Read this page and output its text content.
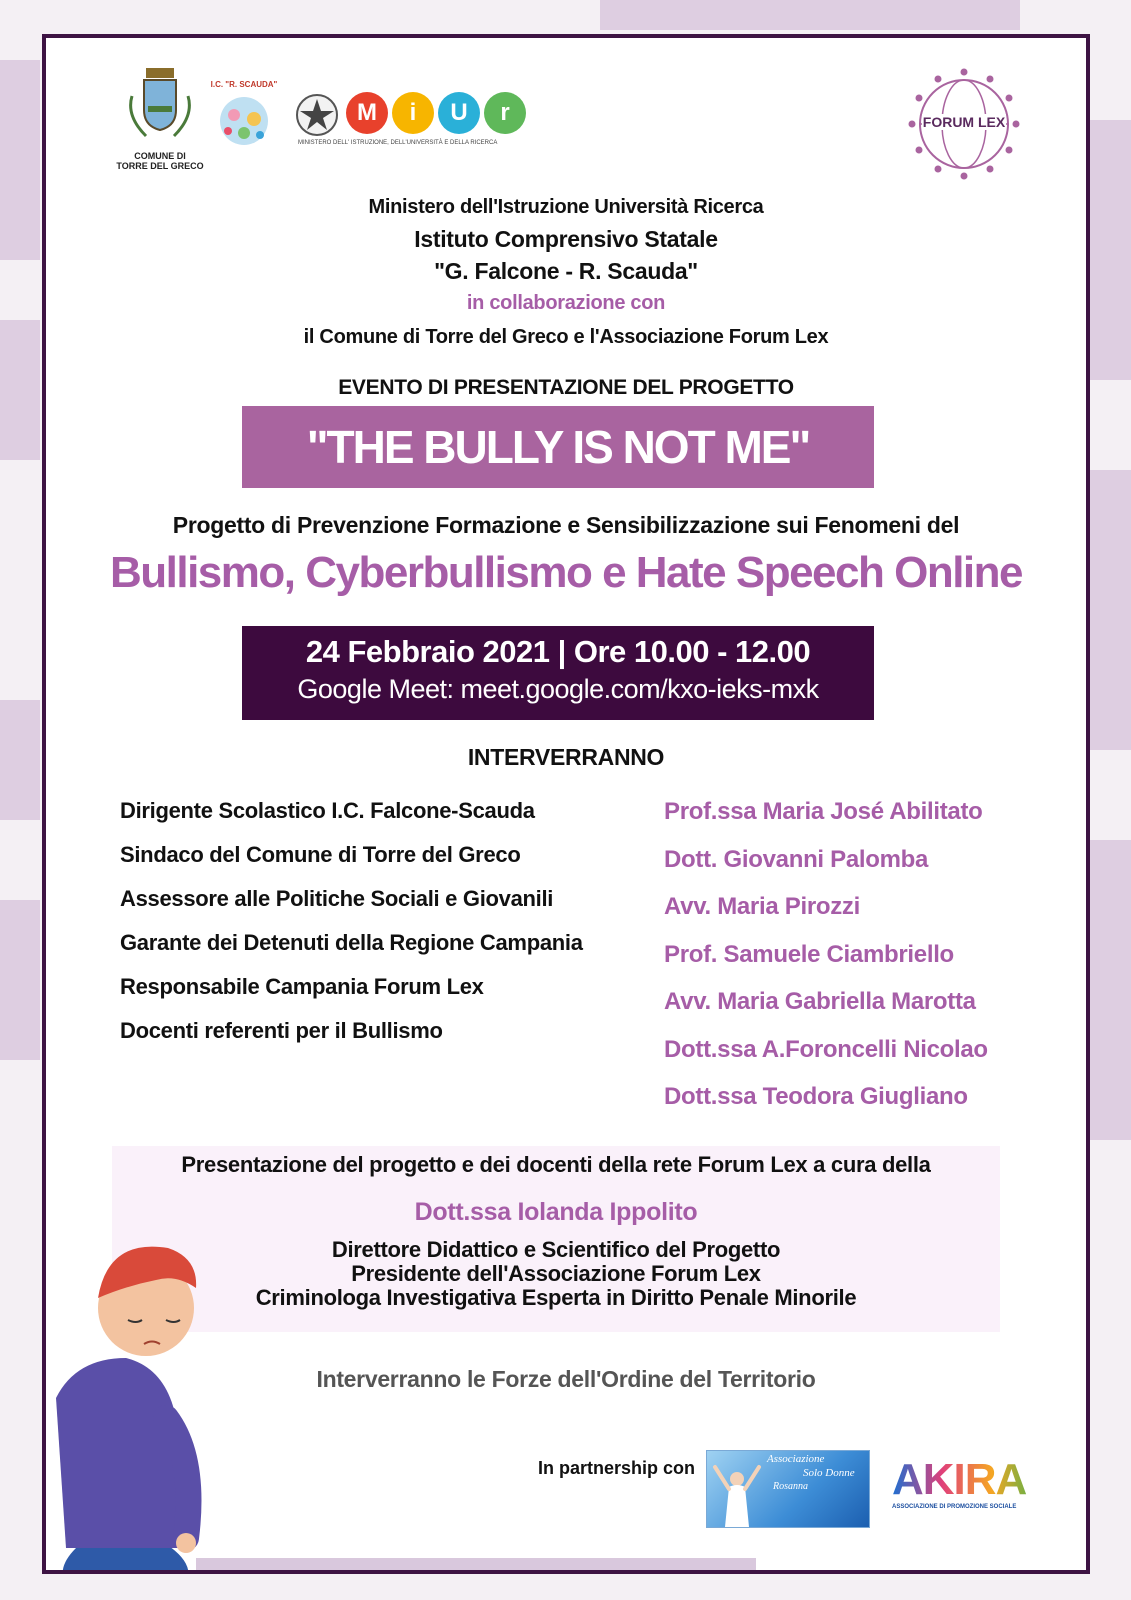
COMUNE DI
TORRE DEL GRECO
I.C. "R. SCAUDA"
M	i	U	r
MINISTERO DELL' ISTRUZIONE, DELL'UNIVERSITÀ E DELLA RICERCA
FORUM LEX
Ministero dell'Istruzione Università Ricerca
Istituto Comprensivo Statale
"G. Falcone - R. Scauda"
in collaborazione con
il Comune di Torre del Greco e l'Associazione Forum Lex
EVENTO DI PRESENTAZIONE DEL PROGETTO
"THE BULLY IS NOT ME"
Progetto di Prevenzione Formazione e Sensibilizzazione sui Fenomeni del
Bullismo, Cyberbullismo e Hate Speech Online
24 Febbraio 2021 | Ore 10.00 - 12.00
Google Meet: meet.google.com/kxo-ieks-mxk
INTERVERRANNO
Dirigente Scolastico I.C. Falcone-Scauda
Sindaco del Comune di Torre del Greco
Assessore alle Politiche Sociali e Giovanili
Garante dei Detenuti della Regione Campania
Responsabile Campania Forum Lex
Docenti referenti per il Bullismo
Prof.ssa Maria José Abilitato
Dott. Giovanni Palomba
Avv. Maria Pirozzi
Prof. Samuele Ciambriello
Avv. Maria Gabriella Marotta
Dott.ssa A.Foroncelli Nicolao
Dott.ssa Teodora Giugliano
Presentazione del progetto e dei docenti della rete Forum Lex a cura della
Dott.ssa Iolanda Ippolito
Direttore Didattico e Scientifico del Progetto
Presidente dell'Associazione Forum Lex
Criminologa Investigativa Esperta in Diritto Penale Minorile
Interverranno le Forze dell'Ordine del Territorio
In partnership con	Associazione
Solo Donne
Rosanna AKIRA
ASSOCIAZIONE DI PROMOZIONE SOCIALE
